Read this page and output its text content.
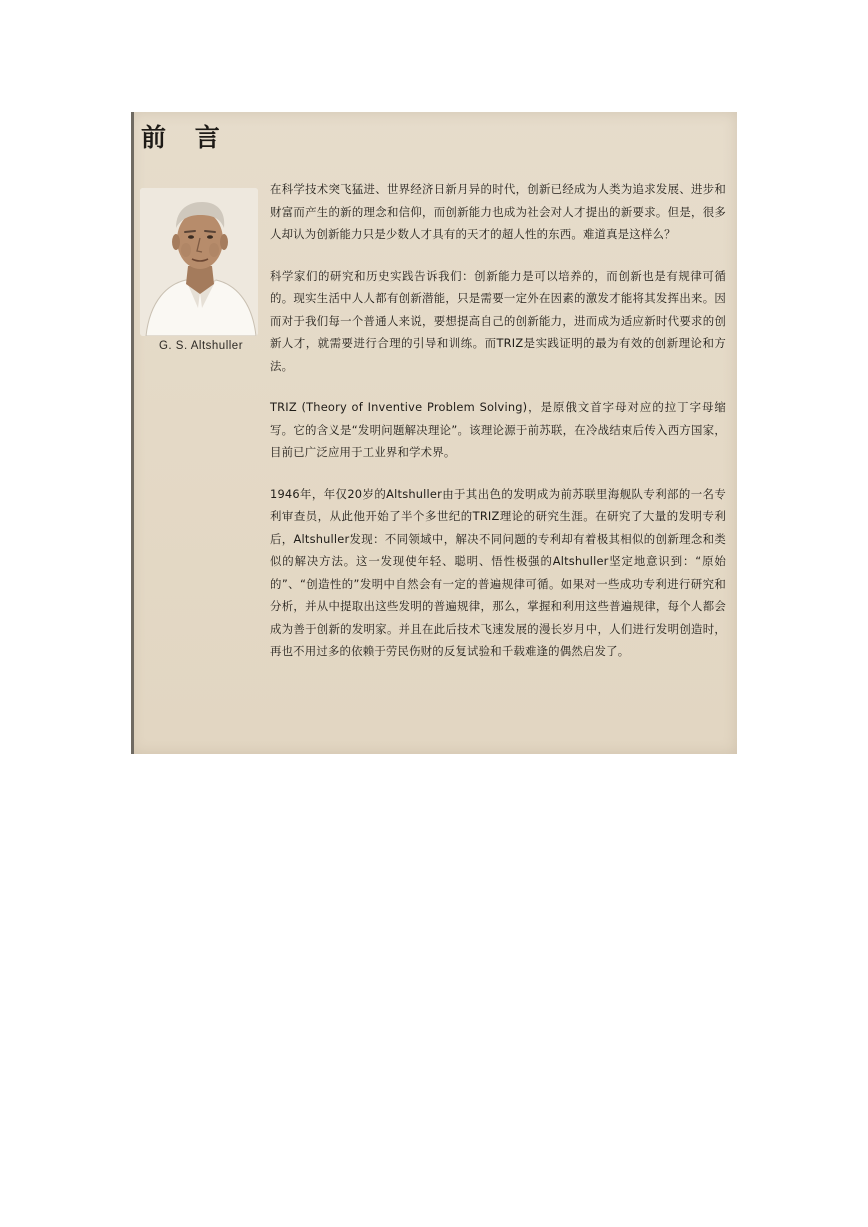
前 言
G. S. Altshuller

在科学技术突飞猛进、世界经济日新月异的时代，创新已经成为人类为追求发展、进步和财富而产生的新的理念和信仰，而创新能力也成为社会对人才提出的新要求。但是，很多人却认为创新能力只是少数人才具有的天才的超人性的东西。难道真是这样么？

科学家们的研究和历史实践告诉我们：创新能力是可以培养的，而创新也是有规律可循的。现实生活中人人都有创新潜能，只是需要一定外在因素的激发才能将其发挥出来。因而对于我们每一个普通人来说，要想提高自己的创新能力，进而成为适应新时代要求的创新人才，就需要进行合理的引导和训练。而TRIZ是实践证明的最为有效的创新理论和方法。

TRIZ (Theory of Inventive Problem Solving)，是原俄文首字母对应的拉丁字母缩写。它的含义是“发明问题解决理论”。该理论源于前苏联，在冷战结束后传入西方国家，目前已广泛应用于工业界和学术界。

1946年，年仅20岁的Altshuller由于其出色的发明成为前苏联里海舰队专利部的一名专利审查员，从此他开始了半个多世纪的TRIZ理论的研究生涯。在研究了大量的发明专利后，Altshuller发现：不同领域中，解决不同问题的专利却有着极其相似的创新理念和类似的解决方法。这一发现使年轻、聪明、悟性极强的Altshuller坚定地意识到：“原始的”、“创造性的”发明中自然会有一定的普遍规律可循。如果对一些成功专利进行研究和分析，并从中提取出这些发明的普遍规律，那么，掌握和利用这些普遍规律，每个人都会成为善于创新的发明家。并且在此后技术飞速发展的漫长岁月中，人们进行发明创造时，再也不用过多的依赖于劳民伤财的反复试验和千载难逢的偶然启发了。
